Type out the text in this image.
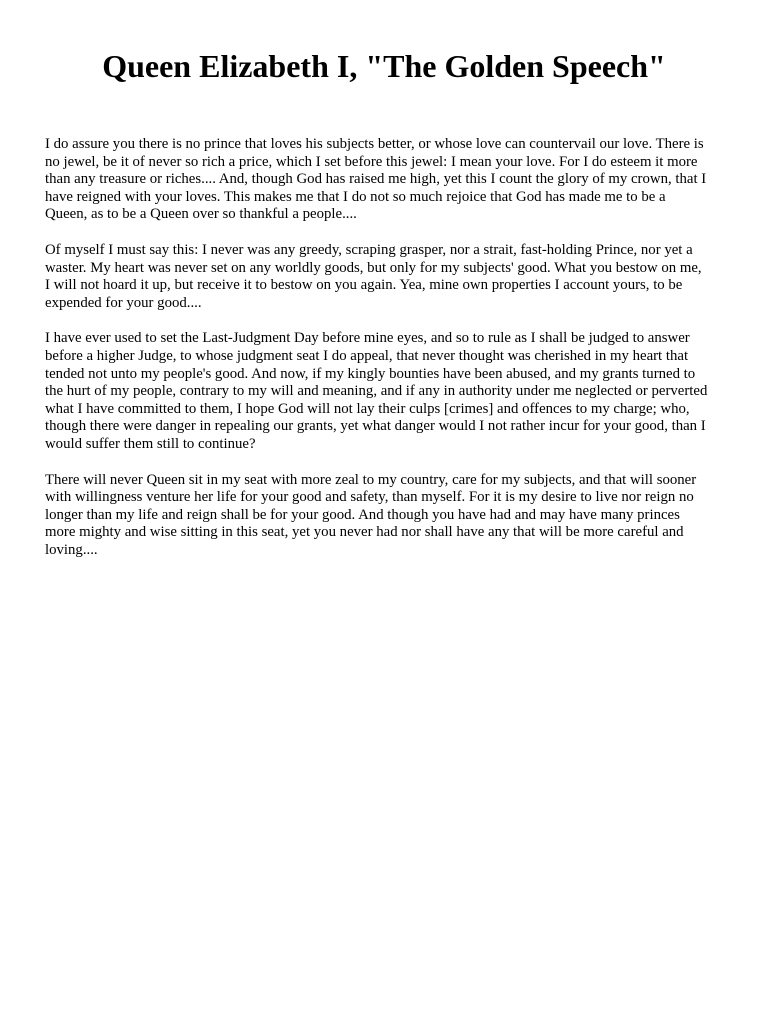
Queen Elizabeth I, "The Golden Speech"

I do assure you there is no prince that loves his subjects better, or whose love can countervail our love. There is
no jewel, be it of never so rich a price, which I set before this jewel: I mean your love. For I do esteem it more
than any treasure or riches.... And, though God has raised me high, yet this I count the glory of my crown, that I
have reigned with your loves. This makes me that I do not so much rejoice that God has made me to be a
Queen, as to be a Queen over so thankful a people....

Of myself I must say this: I never was any greedy, scraping grasper, nor a strait, fast-holding Prince, nor yet a
waster. My heart was never set on any worldly goods, but only for my subjects' good. What you bestow on me,
I will not hoard it up, but receive it to bestow on you again. Yea, mine own properties I account yours, to be
expended for your good....

I have ever used to set the Last-Judgment Day before mine eyes, and so to rule as I shall be judged to answer
before a higher Judge, to whose judgment seat I do appeal, that never thought was cherished in my heart that
tended not unto my people's good. And now, if my kingly bounties have been abused, and my grants turned to
the hurt of my people, contrary to my will and meaning, and if any in authority under me neglected or perverted
what I have committed to them, I hope God will not lay their culps [crimes] and offences to my charge; who,
though there were danger in repealing our grants, yet what danger would I not rather incur for your good, than I
would suffer them still to continue?

There will never Queen sit in my seat with more zeal to my country, care for my subjects, and that will sooner
with willingness venture her life for your good and safety, than myself. For it is my desire to live nor reign no
longer than my life and reign shall be for your good. And though you have had and may have many princes
more mighty and wise sitting in this seat, yet you never had nor shall have any that will be more careful and
loving....
